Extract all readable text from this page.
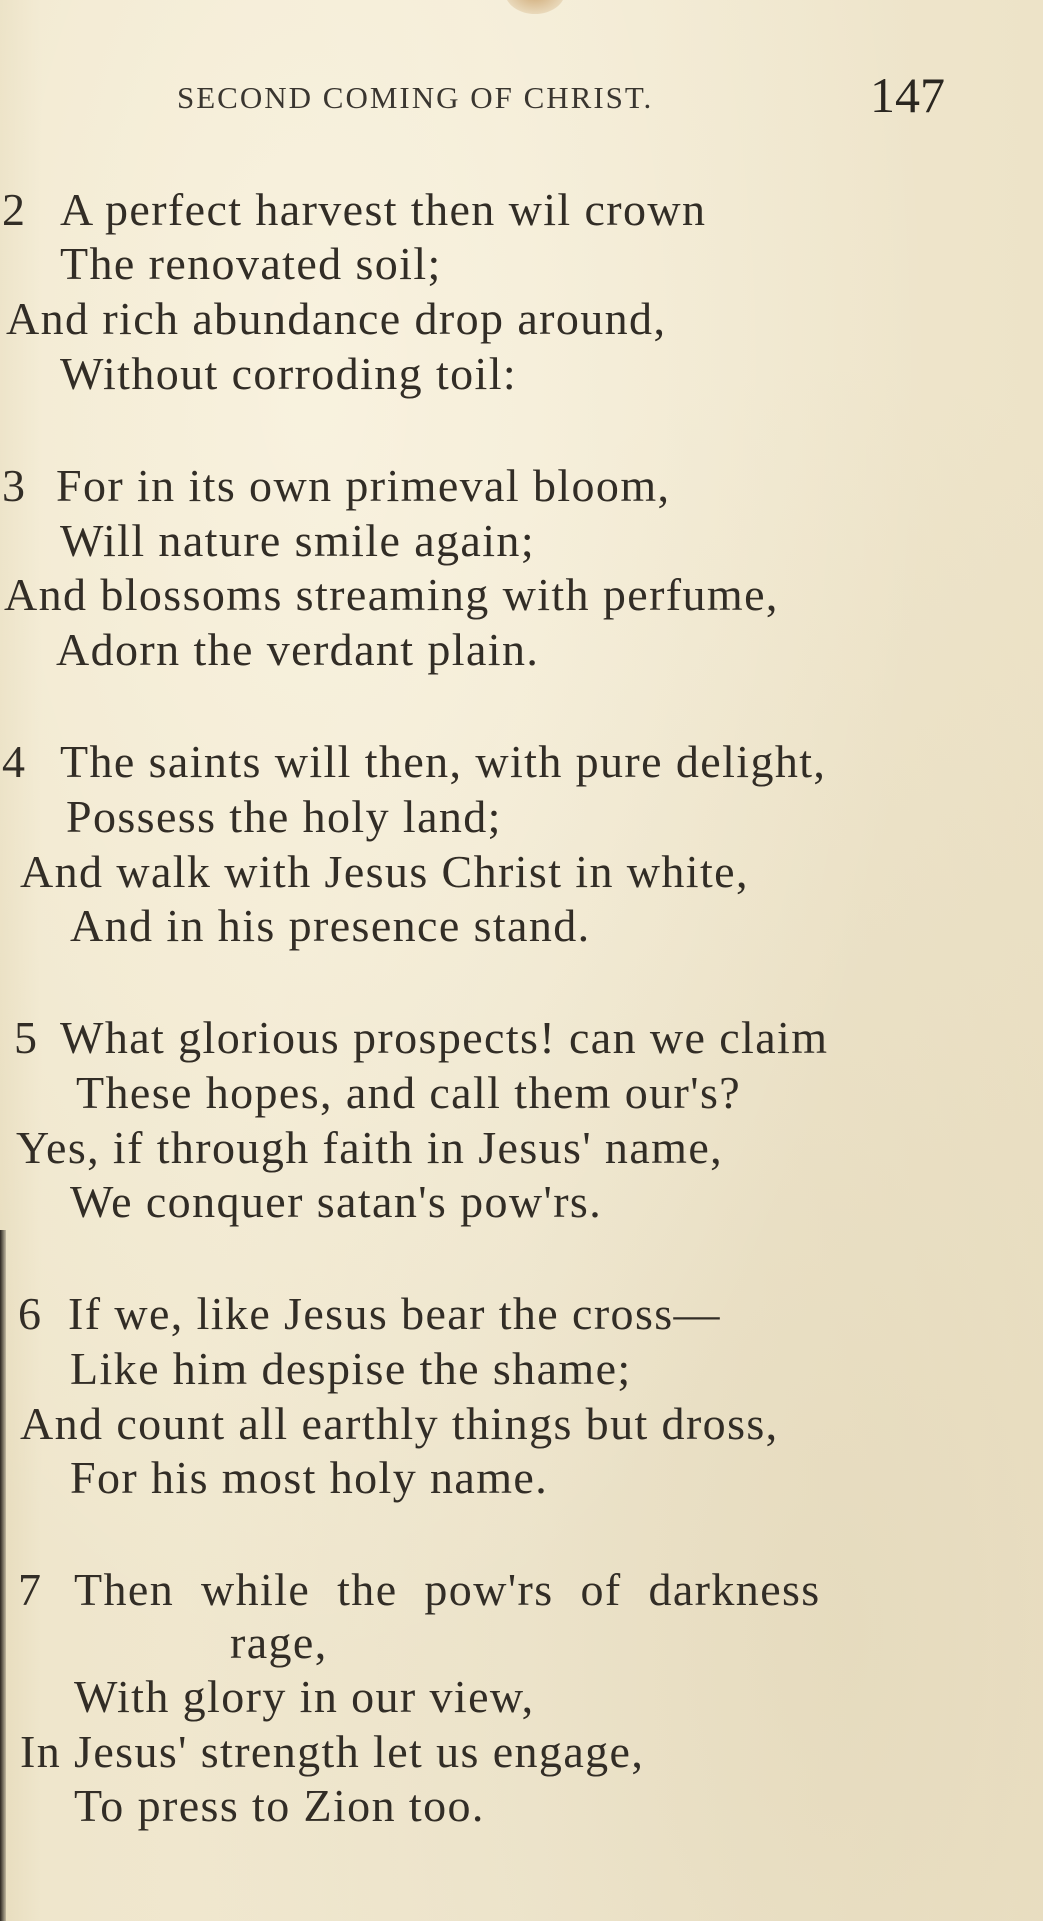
SECOND COMING OF CHRIST.	147
2 A perfect harvest then wil crown
The renovated soil;
And rich abundance drop around,
Without corroding toil:
3 For in its own primeval bloom,
Will nature smile again;
And blossoms streaming with perfume,
Adorn the verdant plain.
4 The saints will then, with pure delight,
Possess the holy land;
And walk with Jesus Christ in white,
And in his presence stand.
5 What glorious prospects! can we claim
These hopes, and call them our's?
Yes, if through faith in Jesus' name,
We conquer satan's pow'rs.
6 If we, like Jesus bear the cross—
Like him despise the shame;
And count all earthly things but dross,
For his most holy name.
7 Then while the pow'rs of darkness
rage,
With glory in our view,
In Jesus' strength let us engage,
To press to Zion too.
